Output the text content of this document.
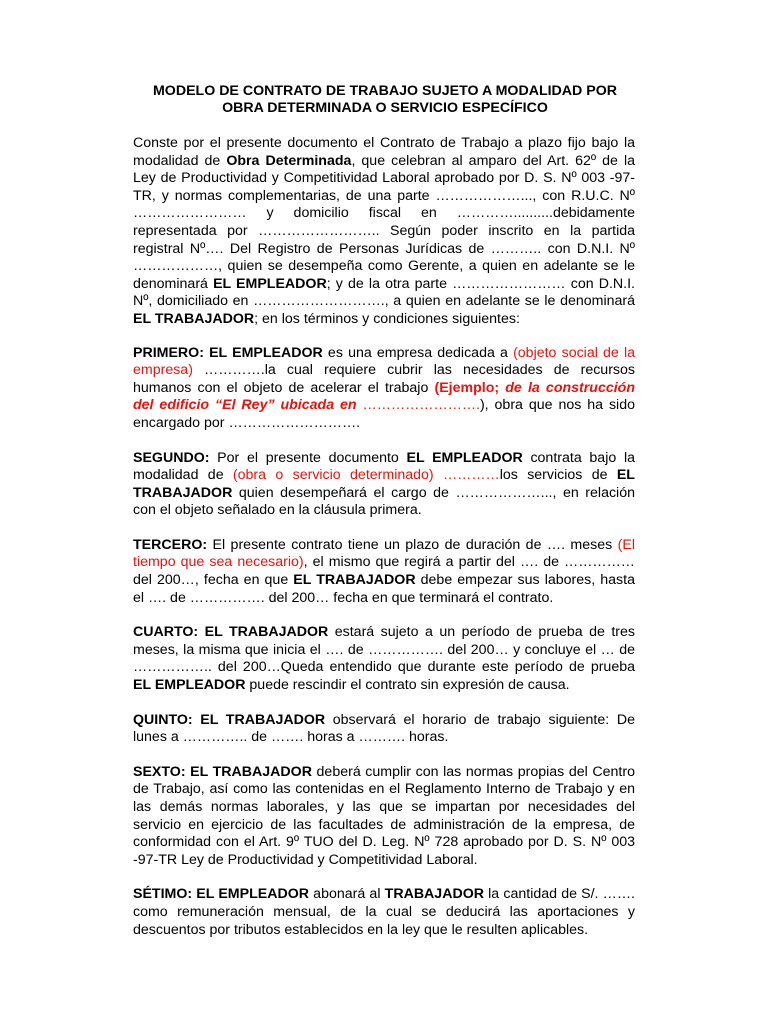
MODELO DE CONTRATO DE TRABAJO SUJETO A MODALIDAD POR
OBRA DETERMINADA O SERVICIO ESPECÍFICO

Conste por el presente documento el Contrato de Trabajo a plazo fijo bajo la modalidad de Obra Determinada, que celebran al amparo del Art. 62º de la Ley de Productividad y Competitividad Laboral aprobado por D. S. Nº 003 -97-TR, y normas complementarias, de una parte ………………..., con R.U.C. Nº …………………… y domicilio fiscal en …………..........debidamente representada por …………………….. Según poder inscrito en la partida registral Nº…. Del Registro de Personas Jurídicas de ……….. con D.N.I. Nº ………………, quien se desempeña como Gerente, a quien en adelante se le denominará EL EMPLEADOR; y de la otra parte …………………… con D.N.I. Nº, domiciliado en ………………………., a quien en adelante se le denominará EL TRABAJADOR; en los términos y condiciones siguientes:

PRIMERO: EL EMPLEADOR es una empresa dedicada a (objeto social de la empresa) ………….la cual requiere cubrir las necesidades de recursos humanos con el objeto de acelerar el trabajo (Ejemplo; de la construcción del edificio “El Rey” ubicada en …………………….), obra que nos ha sido encargado por ……………………….

SEGUNDO: Por el presente documento EL EMPLEADOR contrata bajo la modalidad de (obra o servicio determinado) …………los servicios de EL TRABAJADOR quien desempeñará el cargo de ………………..., en relación con el objeto señalado en la cláusula primera.

TERCERO: El presente contrato tiene un plazo de duración de …. meses (El tiempo que sea necesario), el mismo que regirá a partir del …. de …………… del 200…, fecha en que EL TRABAJADOR debe empezar sus labores, hasta el …. de ……………. del 200… fecha en que terminará el contrato.

CUARTO: EL TRABAJADOR estará sujeto a un período de prueba de tres meses, la misma que inicia el …. de ……………. del 200… y concluye el … de …………….. del 200…Queda entendido que durante este período de prueba EL EMPLEADOR puede rescindir el contrato sin expresión de causa.

QUINTO: EL TRABAJADOR observará el horario de trabajo siguiente: De lunes a ………….. de ……. horas a ………. horas.

SEXTO: EL TRABAJADOR deberá cumplir con las normas propias del Centro de Trabajo, así como las contenidas en el Reglamento Interno de Trabajo y en las demás normas laborales, y las que se impartan por necesidades del servicio en ejercicio de las facultades de administración de la empresa, de conformidad con el Art. 9º TUO del D. Leg. Nº 728 aprobado por D. S. Nº 003 -97-TR Ley de Productividad y Competitividad Laboral.

SÉTIMO: EL EMPLEADOR abonará al TRABAJADOR la cantidad de S/. ……. como remuneración mensual, de la cual se deducirá las aportaciones y descuentos por tributos establecidos en la ley que le resulten aplicables.
